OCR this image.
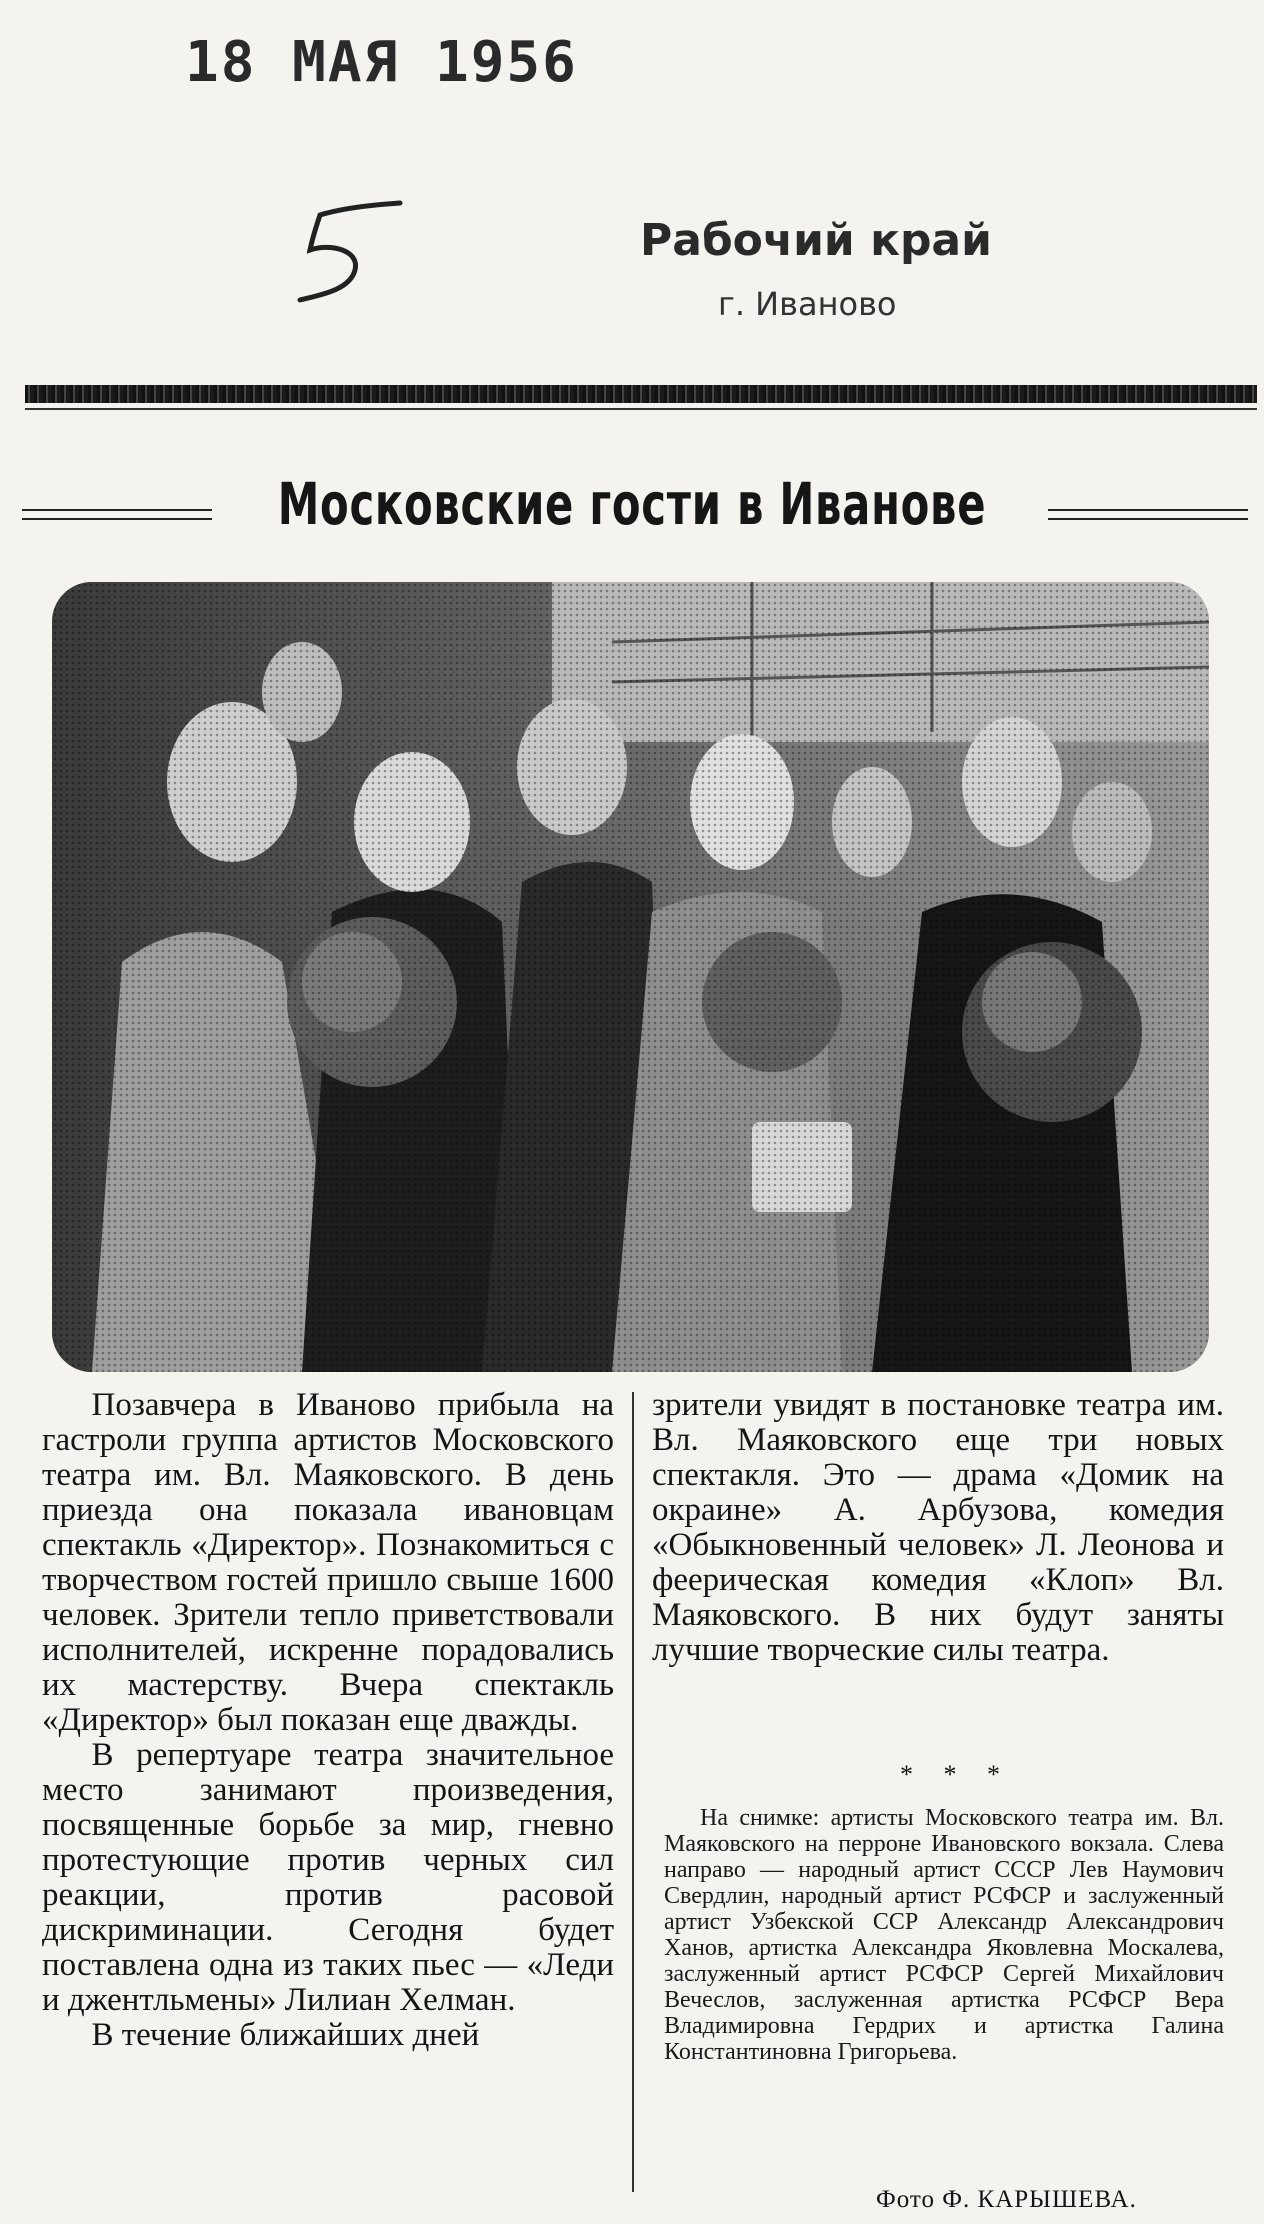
18 МАЯ 1956
Рабочий край
г. Иваново
Московские гости в Иванове

Позавчера в Иваново прибыла на гастроли группа артистов Московского театра им. Вл. Маяковского. В день приезда она показала ивановцам спектакль «Директор». Познакомиться с творчеством гостей пришло свыше 1600 человек. Зрители тепло приветствовали исполнителей, искренне порадовались их мастерству. Вчера спектакль «Директор» был показан еще дважды.

В репертуаре театра значительное место занимают произведения, посвященные борьбе за мир, гневно протестующие против черных сил реакции, против расовой дискриминации. Сегодня будет поставлена одна из таких пьес — «Леди и джентльмены» Лилиан Хелман.

В течение ближайших дней

зрители увидят в постановке театра им. Вл. Маяковского еще три новых спектакля. Это — драма «Домик на окраине» А. Арбузова, комедия «Обыкновенный человек» Л. Леонова и феерическая комедия «Клоп» Вл. Маяковского. В них будут заняты лучшие творческие силы театра.

* * *

На снимке: артисты Московского театра им. Вл. Маяковского на перроне Ивановского вокзала. Слева направо — народный артист СССР Лев Наумович Свердлин, народный артист РСФСР и заслуженный артист Узбекской ССР Александр Александрович Ханов, артистка Александра Яковлевна Москалева, заслуженный артист РСФСР Сергей Михайлович Вечеслов, заслуженная артистка РСФСР Вера Владимировна Гердрих и артистка Галина Константиновна Григорьева.

Фото Ф. КАРЫШЕВА.
